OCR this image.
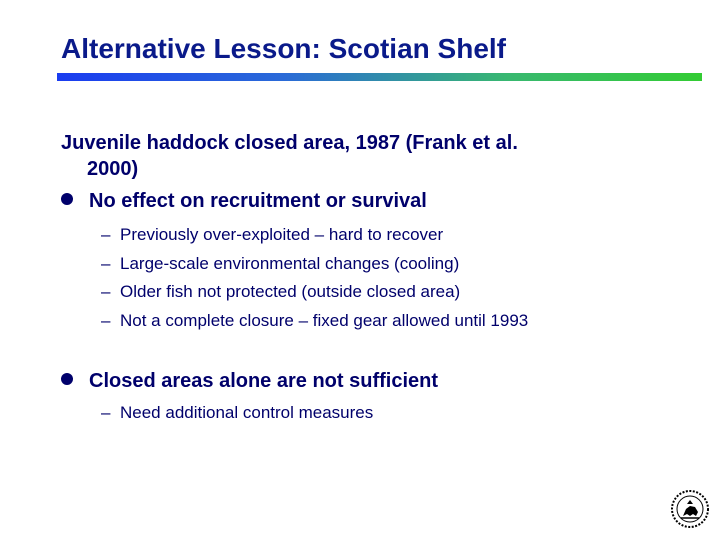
Alternative Lesson: Scotian Shelf
Juvenile haddock closed area, 1987 (Frank et al.
2000)
No effect on recruitment or survival
– Previously over-exploited – hard to recover
– Large-scale environmental changes (cooling)
– Older fish not protected (outside closed area)
– Not a complete closure – fixed gear allowed until 1993
Closed areas alone are not sufficient
– Need additional control measures
